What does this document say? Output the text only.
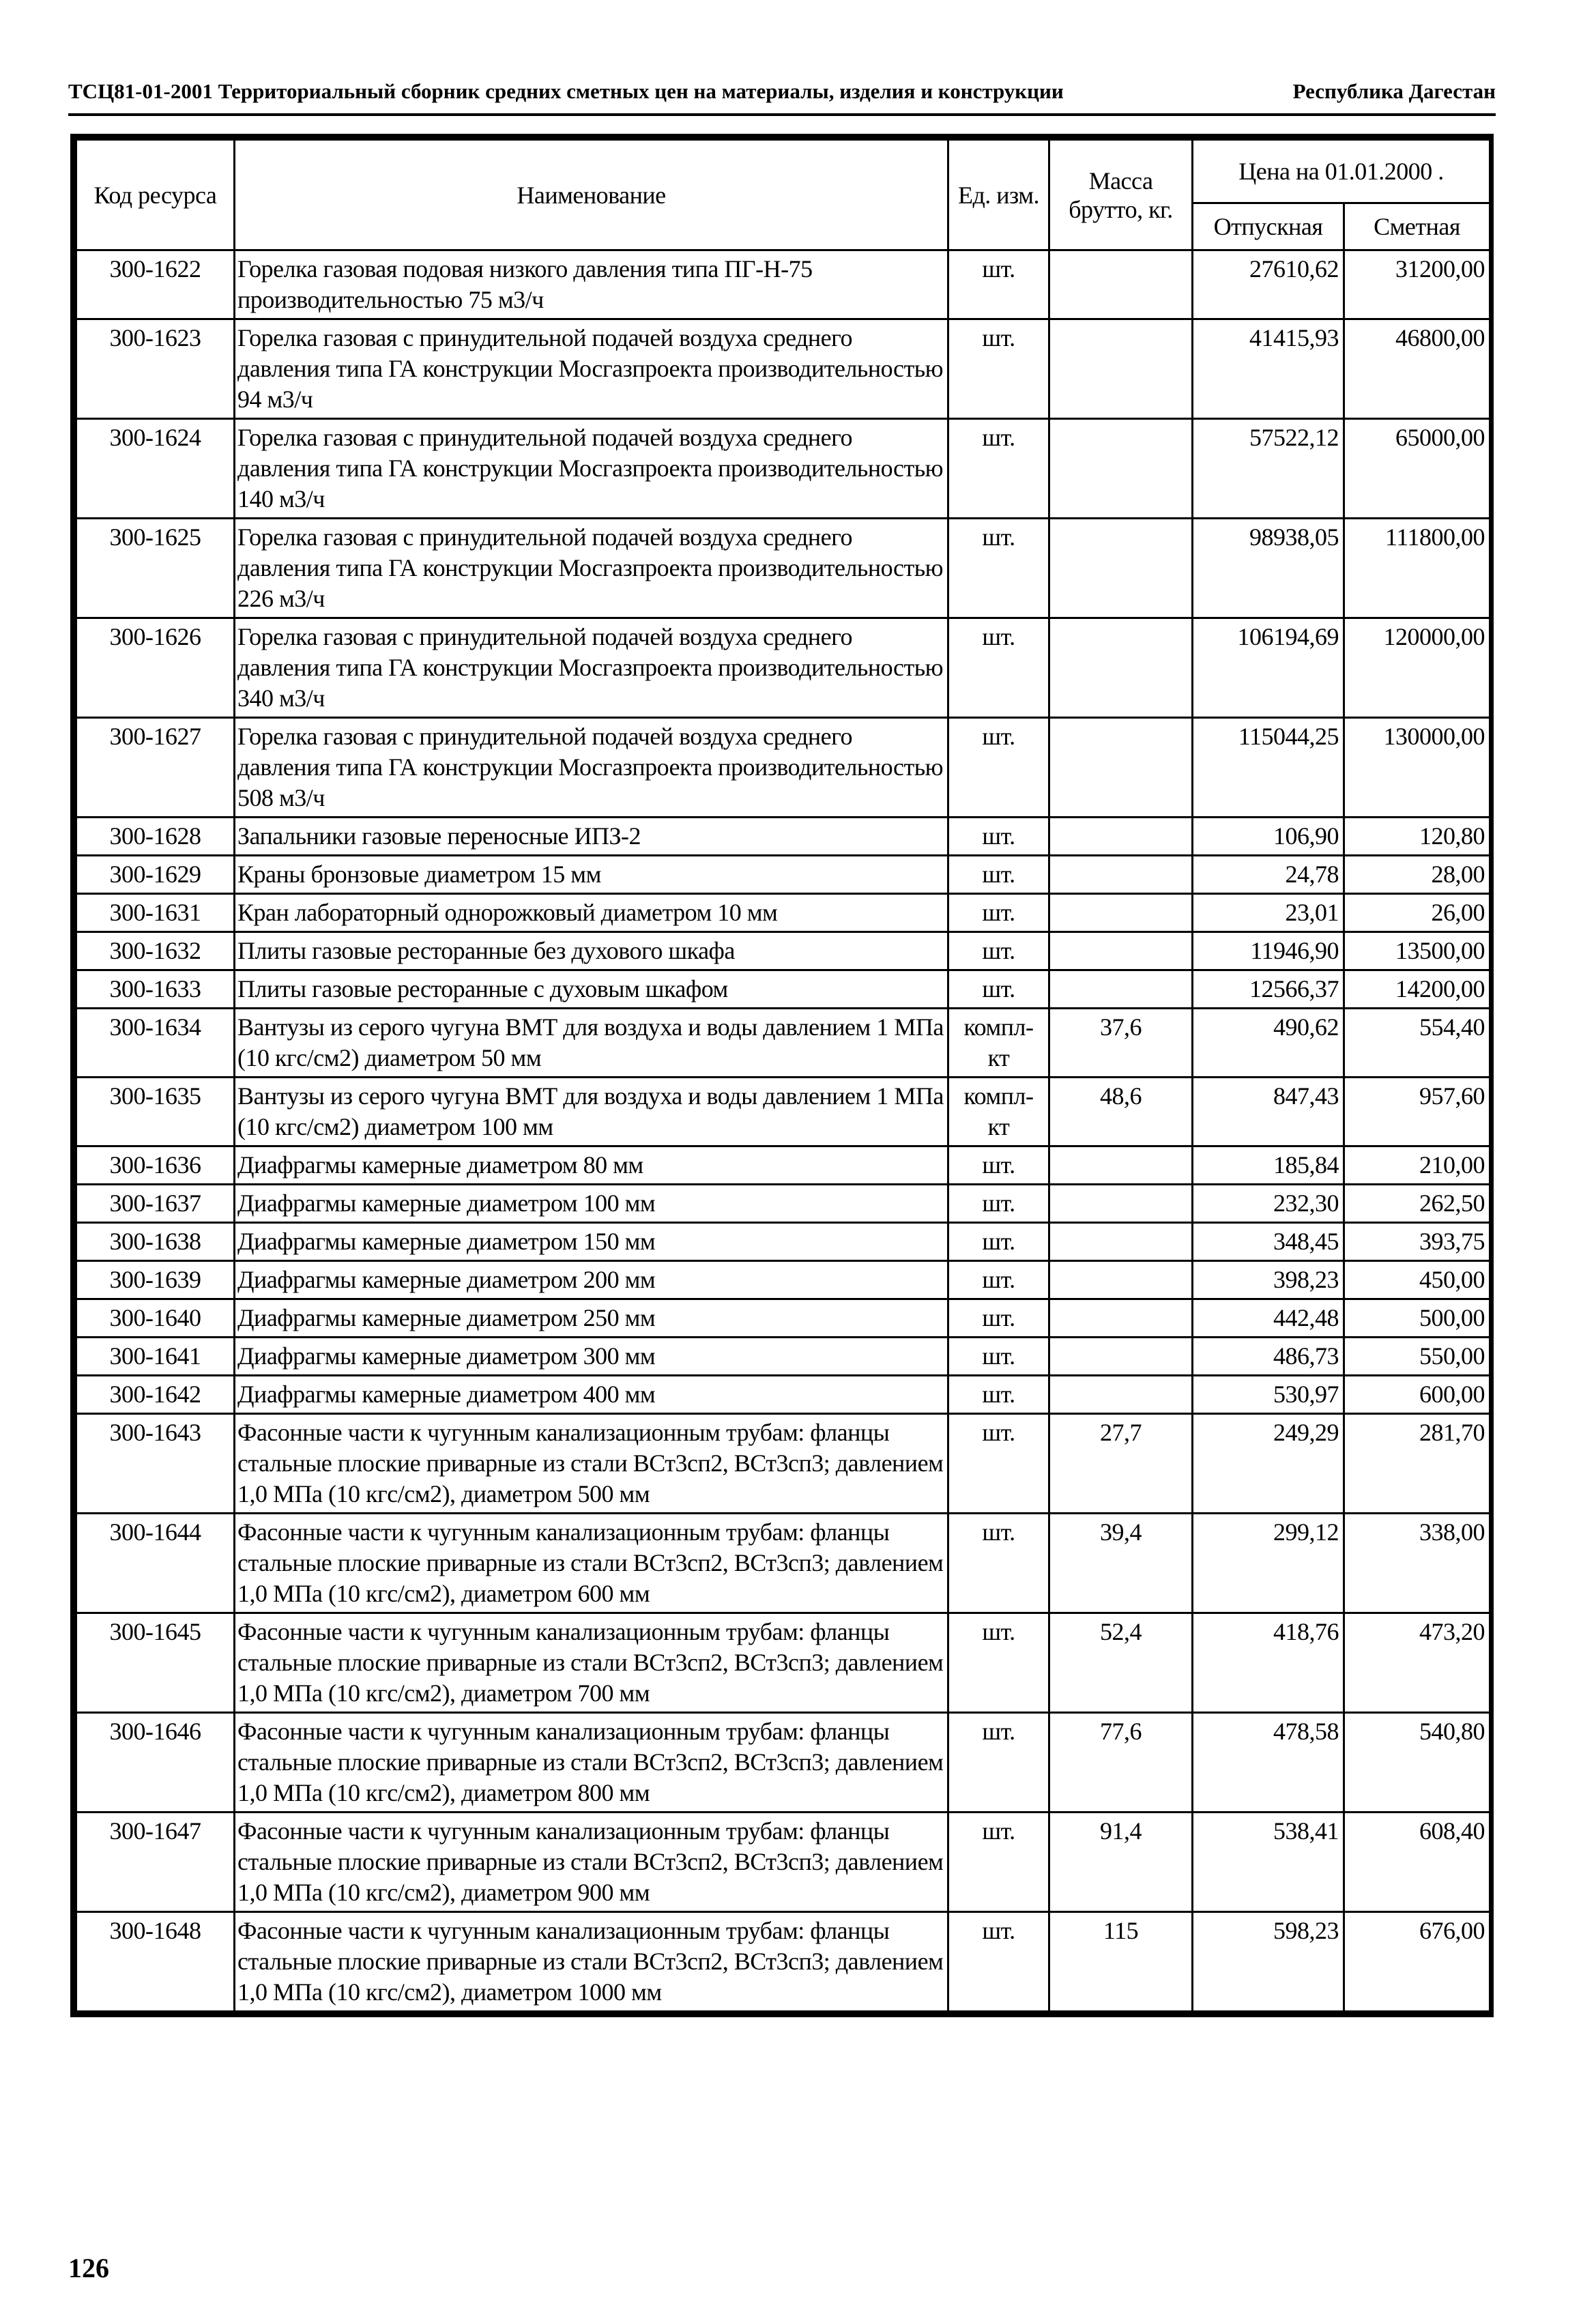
ТСЦ81-01-2001 Территориальный сборник средних сметных цен на материалы, изделия и конструкции	Республика Дагестан
Код ресурса	Наименование	Ед. изм.	Масса брутто, кг.	Цена на 01.01.2000 .	
				Отпускная	Сметная
300-1622	Горелка газовая подовая низкого давления типа ПГ-Н-75 производительностью 75 м3/ч	шт.		27610,62	31200,00
300-1623	Горелка газовая с принудительной подачей воздуха среднего давления типа ГА конструкции Мосгазпроекта производительностью 94 м3/ч	шт.		41415,93	46800,00
300-1624	Горелка газовая с принудительной подачей воздуха среднего давления типа ГА конструкции Мосгазпроекта производительностью 140 м3/ч	шт.		57522,12	65000,00
300-1625	Горелка газовая с принудительной подачей воздуха среднего давления типа ГА конструкции Мосгазпроекта производительностью 226 м3/ч	шт.		98938,05	111800,00
300-1626	Горелка газовая с принудительной подачей воздуха среднего давления типа ГА конструкции Мосгазпроекта производительностью 340 м3/ч	шт.		106194,69	120000,00
300-1627	Горелка газовая с принудительной подачей воздуха среднего давления типа ГА конструкции Мосгазпроекта производительностью 508 м3/ч	шт.		115044,25	130000,00
300-1628	Запальники газовые переносные ИПЗ-2	шт.		106,90	120,80
300-1629	Краны бронзовые диаметром 15 мм	шт.		24,78	28,00
300-1631	Кран лабораторный однорожковый диаметром 10 мм	шт.		23,01	26,00
300-1632	Плиты газовые ресторанные без духового шкафа	шт.		11946,90	13500,00
300-1633	Плиты газовые ресторанные с духовым шкафом	шт.		12566,37	14200,00
300-1634	Вантузы из серого чугуна ВМТ для воздуха и воды давлением 1 МПа (10 кгс/см2) диаметром 50 мм	компл-кт	37,6	490,62	554,40
300-1635	Вантузы из серого чугуна ВМТ для воздуха и воды давлением 1 МПа (10 кгс/см2) диаметром 100 мм	компл-кт	48,6	847,43	957,60
300-1636	Диафрагмы камерные диаметром 80 мм	шт.		185,84	210,00
300-1637	Диафрагмы камерные диаметром 100 мм	шт.		232,30	262,50
300-1638	Диафрагмы камерные диаметром 150 мм	шт.		348,45	393,75
300-1639	Диафрагмы камерные диаметром 200 мм	шт.		398,23	450,00
300-1640	Диафрагмы камерные диаметром 250 мм	шт.		442,48	500,00
300-1641	Диафрагмы камерные диаметром 300 мм	шт.		486,73	550,00
300-1642	Диафрагмы камерные диаметром 400 мм	шт.		530,97	600,00
300-1643	Фасонные части к чугунным канализационным трубам: фланцы стальные плоские приварные из стали ВСт3сп2, ВСт3сп3; давлением 1,0 МПа (10 кгс/см2), диаметром 500 мм	шт.	27,7	249,29	281,70
300-1644	Фасонные части к чугунным канализационным трубам: фланцы стальные плоские приварные из стали ВСт3сп2, ВСт3сп3; давлением 1,0 МПа (10 кгс/см2), диаметром 600 мм	шт.	39,4	299,12	338,00
300-1645	Фасонные части к чугунным канализационным трубам: фланцы стальные плоские приварные из стали ВСт3сп2, ВСт3сп3; давлением 1,0 МПа (10 кгс/см2), диаметром 700 мм	шт.	52,4	418,76	473,20
300-1646	Фасонные части к чугунным канализационным трубам: фланцы стальные плоские приварные из стали ВСт3сп2, ВСт3сп3; давлением 1,0 МПа (10 кгс/см2), диаметром 800 мм	шт.	77,6	478,58	540,80
300-1647	Фасонные части к чугунным канализационным трубам: фланцы стальные плоские приварные из стали ВСт3сп2, ВСт3сп3; давлением 1,0 МПа (10 кгс/см2), диаметром 900 мм	шт.	91,4	538,41	608,40
300-1648	Фасонные части к чугунным канализационным трубам: фланцы стальные плоские приварные из стали ВСт3сп2, ВСт3сп3; давлением 1,0 МПа (10 кгс/см2), диаметром 1000 мм	шт.	115	598,23	676,00
126
